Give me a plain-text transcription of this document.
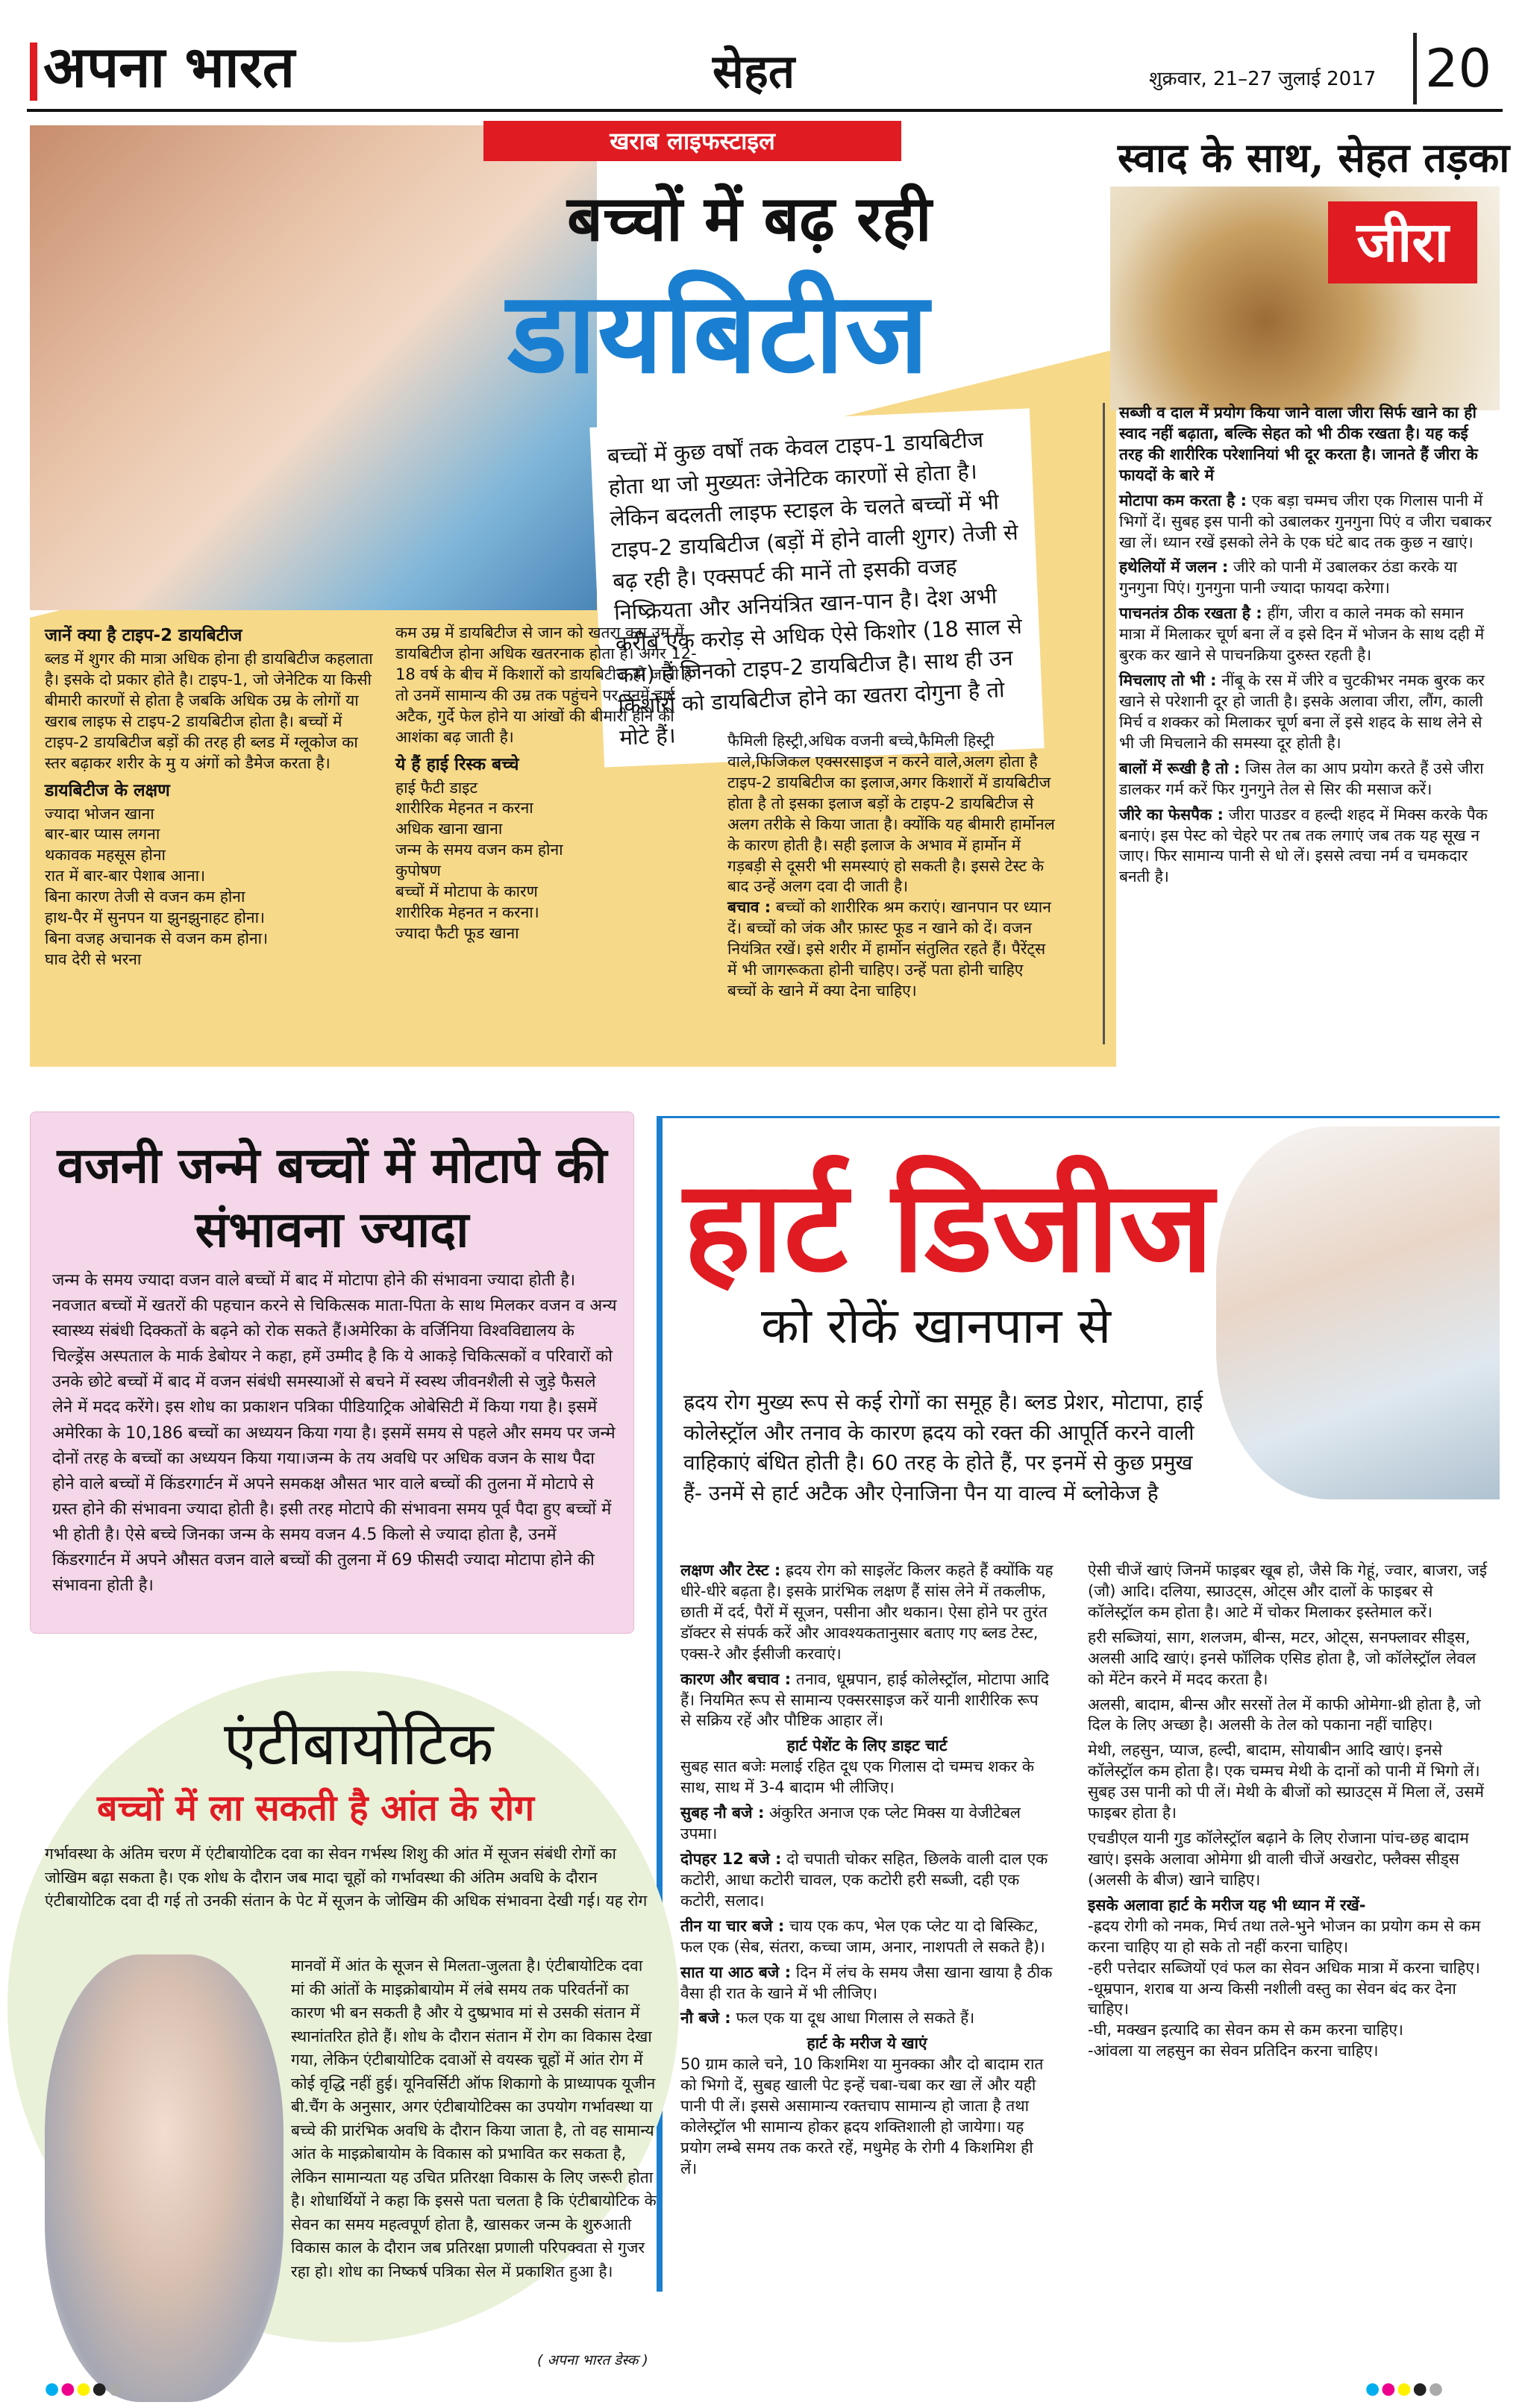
अपना भारत	सेहत	शुक्रवार, 21–27 जुलाई 2017 20
खराब लाइफस्टाइल
बच्चों में बढ़ रही
डायबिटीज
बच्चों में कुछ वर्षों तक केवल टाइप-1 डायबिटीज होता था जो मुख्यतः जेनेटिक कारणों से होता है। लेकिन बदलती लाइफ स्टाइल के चलते बच्चों में भी टाइप-2 डायबिटीज (बड़ों में होने वाली शुगर) तेजी से बढ़ रही है। एक्सपर्ट की मानें तो इसकी वजह निष्क्रियता और अनियंत्रित खान-पान है। देश अभी करीब एक करोड़ से अधिक ऐसे किशोर (18 साल से कम) हैं जिनको टाइप-2 डायबिटीज है। साथ ही उन किशोरों को डायबिटीज होने का खतरा दोगुना है तो मोटे हैं।
जानें क्या है टाइप-2 डायबिटीज

ब्लड में शुगर की मात्रा अधिक होना ही डायबिटीज कहलाता है। इसके दो प्रकार होते है। टाइप-1, जो जेनेटिक या किसी बीमारी कारणों से होता है जबकि अधिक उम्र के लोगों या खराब लाइफ से टाइप-2 डायबिटीज होता है। बच्चों में टाइप-2 डायबिटीज बड़ों की तरह ही ब्लड में ग्लूकोज का स्तर बढ़ाकर शरीर के मु य अंगों को डैमेज करता है।

डायबिटीज के लक्षण
ज्यादा भोजन खाना
बार-बार प्यास लगना
थकावक महसूस होना
रात में बार-बार पेशाब आना।
बिना कारण तेजी से वजन कम होना
हाथ-पैर में सुनपन या झुनझुनाहट होना।
बिना वजह अचानक से वजन कम होना।
घाव देरी से भरना

कम उम्र में डायबिटीज से जान को खतरा कम उम्र में डायबिटीज होना अधिक खतरनाक होता है। अगर 12-18 वर्ष के बीच में किशारों को डायबिटीज हो जाती है तो उनमें सामान्य की उम्र तक पहुंचने पर उनमें हार्ट अटैक, गुर्दे फेल होने या आंखों की बीमारी होने की आशंका बढ़ जाती है।

ये हैं हाई रिस्क बच्चे
हाई फैटी डाइट
शारीरिक मेहनत न करना
अधिक खाना खाना
जन्म के समय वजन कम होना
कुपोषण
बच्चों में मोटापा के कारण
शारीरिक मेहनत न करना।
ज्यादा फैटी फूड खाना

फैमिली हिस्ट्री,अधिक वजनी बच्चे,फैमिली हिस्ट्री वाले,फिजिकल एक्सरसाइज न करने वाले,अलग होता है टाइप-2 डायबिटीज का इलाज,अगर किशारों में डायबिटीज होता है तो इसका इलाज बड़ों के टाइप-2 डायबिटीज से अलग तरीके से किया जाता है। क्योंकि यह बीमारी हार्मोनल के कारण होती है। सही इलाज के अभाव में हार्मोन में गड़बड़ी से दूसरी भी समस्याएं हो सकती है। इससे टेस्ट के बाद उन्हें अलग दवा दी जाती है।

बचाव : बच्चों को शारीरिक श्रम कराएं। खानपान पर ध्यान दें। बच्चों को जंक और फ़ास्ट फूड न खाने को दें। वजन नियंत्रित रखें। इसे शरीर में हार्मोन संतुलित रहते हैं। पैरेंट्स में भी जागरूकता होनी चाहिए। उन्हें पता होनी चाहिए बच्चों के खाने में क्या देना चाहिए।

स्वाद के साथ, सेहत तड़का
जीरा

सब्जी व दाल में प्रयोग किया जाने वाला जीरा सिर्फ खाने का ही स्वाद नहीं बढ़ाता, बल्कि सेहत को भी ठीक रखता है। यह कई तरह की शारीरिक परेशानियां भी दूर करता है। जानते हैं जीरा के फायदों के बारे में

मोटापा कम करता है : एक बड़ा चम्मच जीरा एक गिलास पानी में भिगों दें। सुबह इस पानी को उबालकर गुनगुना पिएं व जीरा चबाकर खा लें। ध्यान रखें इसको लेने के एक घंटे बाद तक कुछ न खाएं।

हथेलियों में जलन : जीरे को पानी में उबालकर ठंडा करके या गुनगुना पिएं। गुनगुना पानी ज्यादा फायदा करेगा।

पाचनतंत्र ठीक रखता है : हींग, जीरा व काले नमक को समान मात्रा में मिलाकर चूर्ण बना लें व इसे दिन में भोजन के साथ दही में बुरक कर खाने से पाचनक्रिया दुरुस्त रहती है।

मिचलाए तो भी : नींबू के रस में जीरे व चुटकीभर नमक बुरक कर खाने से परेशानी दूर हो जाती है। इसके अलावा जीरा, लौंग, काली मिर्च व शक्कर को मिलाकर चूर्ण बना लें इसे शहद के साथ लेने से भी जी मिचलाने की समस्या दूर होती है।

बालों में रूखी है तो : जिस तेल का आप प्रयोग करते हैं उसे जीरा डालकर गर्म करें फिर गुनगुने तेल से सिर की मसाज करें।

जीरे का फेसपैक : जीरा पाउडर व हल्दी शहद में मिक्स करके पैक बनाएं। इस पेस्ट को चेहरे पर तब तक लगाएं जब तक यह सूख न जाए। फिर सामान्य पानी से धो लें। इससे त्वचा नर्म व चमकदार बनती है।

वजनी जन्मे बच्चों में मोटापे की संभावना ज्यादा
जन्म के समय ज्यादा वजन वाले बच्चों में बाद में मोटापा होने की संभावना ज्यादा होती है। नवजात बच्चों में खतरों की पहचान करने से चिकित्सक माता-पिता के साथ मिलकर वजन व अन्य स्वास्थ्य संबंधी दिक्कतों के बढ़ने को रोक सकते हैं।अमेरिका के वर्जिनिया विश्वविद्यालय के चिल्ड्रेंस अस्पताल के मार्क डेबोयर ने कहा, हमें उम्मीद है कि ये आकड़े चिकित्सकों व परिवारों को उनके छोटे बच्चों में बाद में वजन संबंधी समस्याओं से बचने में स्वस्थ जीवनशैली से जुड़े फैसले लेने में मदद करेंगे। इस शोध का प्रकाशन पत्रिका पीडियाट्रिक ओबेसिटी में किया गया है। इसमें अमेरिका के 10,186 बच्चों का अध्ययन किया गया है। इसमें समय से पहले और समय पर जन्मे दोनों तरह के बच्चों का अध्ययन किया गया।जन्म के तय अवधि पर अधिक वजन के साथ पैदा होने वाले बच्चों में किंडरगार्टन में अपने समकक्ष औसत भार वाले बच्चों की तुलना में मोटापे से ग्रस्त होने की संभावना ज्यादा होती है। इसी तरह मोटापे की संभावना समय पूर्व पैदा हुए बच्चों में भी होती है। ऐसे बच्चे जिनका जन्म के समय वजन 4.5 किलो से ज्यादा होता है, उनमें किंडरगार्टन में अपने औसत वजन वाले बच्चों की तुलना में 69 फीसदी ज्यादा मोटापा होने की संभावना होती है।
हार्ट डिजीज
को रोकें खानपान से
ह्रदय रोग मुख्य रूप से कई रोगों का समूह है। ब्लड प्रेशर, मोटापा, हाई कोलेस्ट्रॉल और तनाव के कारण ह्रदय को रक्त की आपूर्ति करने वाली वाहिकाएं बंधित होती है। 60 तरह के होते हैं, पर इनमें से कुछ प्रमुख हैं- उनमें से हार्ट अटैक और ऐनाजिना पैन या वाल्व में ब्लोकेज है

लक्षण और टेस्ट : ह्रदय रोग को साइलेंट किलर कहते हैं क्योंकि यह धीरे-धीरे बढ़ता है। इसके प्रारंभिक लक्षण हैं सांस लेने में तकलीफ, छाती में दर्द, पैरों में सूजन, पसीना और थकान। ऐसा होने पर तुरंत डॉक्टर से संपर्क करें और आवश्यकतानुसार बताए गए ब्लड टेस्ट, एक्स-रे और ईसीजी करवाएं।

कारण और बचाव : तनाव, धूम्रपान, हाई कोलेस्ट्रॉल, मोटापा आदि हैं। नियमित रूप से सामान्य एक्सरसाइज करें यानी शारीरिक रूप से सक्रिय रहें और पौष्टिक आहार लें।

हार्ट पेशेंट के लिए डाइट चार्ट

सुबह सात बजेः मलाई रहित दूध एक गिलास दो चम्मच शकर के साथ, साथ में 3-4 बादाम भी लीजिए।

सुबह नौ बजे : अंकुरित अनाज एक प्लेट मिक्स या वेजीटेबल उपमा।

दोपहर 12 बजे : दो चपाती चोकर सहित, छिलके वाली दाल एक कटोरी, आधा कटोरी चावल, एक कटोरी हरी सब्जी, दही एक कटोरी, सलाद।

तीन या चार बजे : चाय एक कप, भेल एक प्लेट या दो बिस्किट, फल एक (सेब, संतरा, कच्चा जाम, अनार, नाशपती ले सकते है)।

सात या आठ बजे : दिन में लंच के समय जैसा खाना खाया है ठीक वैसा ही रात के खाने में भी लीजिए।

नौ बजे : फल एक या दूध आधा गिलास ले सकते हैं।

हार्ट के मरीज ये खाएं

50 ग्राम काले चने, 10 किशमिश या मुनक्का और दो बादाम रात को भिगो दें, सुबह खाली पेट इन्हें चबा-चबा कर खा लें और यही पानी पी लें। इससे असामान्य रक्तचाप सामान्य हो जाता है तथा कोलेस्ट्रॉल भी सामान्य होकर ह्रदय शक्तिशाली हो जायेगा। यह प्रयोग लम्बे समय तक करते रहें, मधुमेह के रोगी 4 किशमिश ही लें।

ऐसी चीजें खाएं जिनमें फाइबर खूब हो, जैसे कि गेहूं, ज्वार, बाजरा, जई (जौ) आदि। दलिया, स्प्राउट्स, ओट्स और दालों के फाइबर से कॉलेस्ट्रॉल कम होता है। आटे में चोकर मिलाकर इस्तेमाल करें।

हरी सब्जियां, साग, शलजम, बीन्स, मटर, ओट्स, सनफ्लावर सीड्स, अलसी आदि खाएं। इनसे फॉलिक एसिड होता है, जो कॉलेस्ट्रॉल लेवल को मेंटेन करने में मदद करता है।

अलसी, बादाम, बीन्स और सरसों तेल में काफी ओमेगा-थ्री होता है, जो दिल के लिए अच्छा है। अलसी के तेल को पकाना नहीं चाहिए।

मेथी, लहसुन, प्याज, हल्दी, बादाम, सोयाबीन आदि खाएं। इनसे कॉलेस्ट्रॉल कम होता है। एक चम्मच मेथी के दानों को पानी में भिगो लें। सुबह उस पानी को पी लें। मेथी के बीजों को स्प्राउट्स में मिला लें, उसमें फाइबर होता है।

एचडीएल यानी गुड कॉलेस्ट्रॉल बढ़ाने के लिए रोजाना पांच-छह बादाम खाएं। इसके अलावा ओमेगा थ्री वाली चीजें अखरोट, फ्लैक्स सीड्स (अलसी के बीज) खाने चाहिए।

इसके अलावा हार्ट के मरीज यह भी ध्यान में रखें-

-ह्रदय रोगी को नमक, मिर्च तथा तले-भुने भोजन का प्रयोग कम से कम करना चाहिए या हो सके तो नहीं करना चाहिए।

-हरी पत्तेदार सब्जियों एवं फल का सेवन अधिक मात्रा में करना चाहिए।

-धूम्रपान, शराब या अन्य किसी नशीली वस्तु का सेवन बंद कर देना चाहिए।

-घी, मक्खन इत्यादि का सेवन कम से कम करना चाहिए।

-आंवला या लहसुन का सेवन प्रतिदिन करना चाहिए।

एंटीबायोटिक
बच्चों में ला सकती है आंत के रोग
गर्भावस्था के अंतिम चरण में एंटीबायोटिक दवा का सेवन गर्भस्थ शिशु की आंत में सूजन संबंधी रोगों का जोखिम बढ़ा सकता है। एक शोध के दौरान जब मादा चूहों को गर्भावस्था की अंतिम अवधि के दौरान एंटीबायोटिक दवा दी गई तो उनकी संतान के पेट में सूजन के जोखिम की अधिक संभावना देखी गई। यह रोग
मानवों में आंत के सूजन से मिलता-जुलता है। एंटीबायोटिक दवा मां की आंतों के माइक्रोबायोम में लंबे समय तक परिवर्तनों का कारण भी बन सकती है और ये दुष्प्रभाव मां से उसकी संतान में स्थानांतरित होते हैं। शोध के दौरान संतान में रोग का विकास देखा गया, लेकिन एंटीबायोटिक दवाओं से वयस्क चूहों में आंत रोग में कोई वृद्धि नहीं हुई। यूनिवर्सिटी ऑफ शिकागो के प्राध्यापक यूजीन बी.चैंग के अनुसार, अगर एंटीबायोटिक्स का उपयोग गर्भावस्था या बच्चे की प्रारंभिक अवधि के दौरान किया जाता है, तो वह सामान्य आंत के माइक्रोबायोम के विकास को प्रभावित कर सकता है, लेकिन सामान्यता यह उचित प्रतिरक्षा विकास के लिए जरूरी होता है। शोधार्थियों ने कहा कि इससे पता चलता है कि एंटीबायोटिक के सेवन का समय महत्वपूर्ण होता है, खासकर जन्म के शुरुआती विकास काल के दौरान जब प्रतिरक्षा प्रणाली परिपक्वता से गुजर रहा हो। शोध का निष्कर्ष पत्रिका सेल में प्रकाशित हुआ है।
( अपना भारत डेस्क )
●●●●●	●●●●●
